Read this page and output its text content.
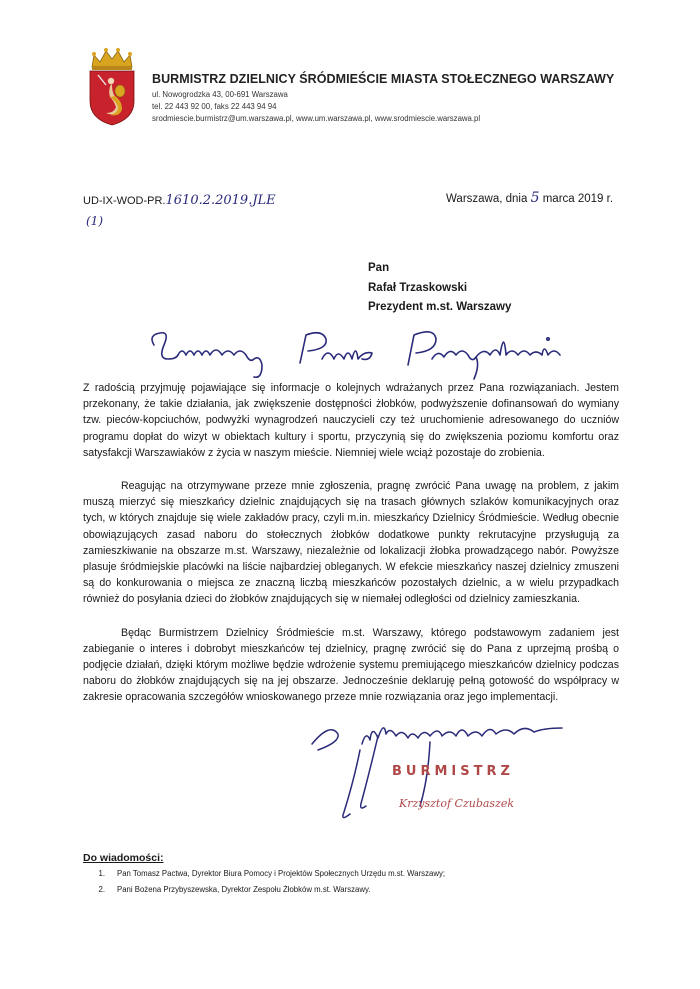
BURMISTRZ DZIELNICY ŚRÓDMIEŚCIE MIASTA STOŁECZNEGO WARSZAWY
ul. Nowogrodzka 43, 00-691 Warszawa
tel. 22 443 92 00, faks 22 443 94 94
srodmiescie.burmistrz@um.warszawa.pl, www.um.warszawa.pl, www.srodmiescie.warszawa.pl
UD-IX-WOD-PR.1610.2.2019.JLE
(1)
Warszawa, dnia 5 marca 2019 r.
Pan
Rafał Trzaskowski
Prezydent m.st. Warszawy

Z radością przyjmuję pojawiające się informacje o kolejnych wdrażanych przez Pana rozwiązaniach. Jestem przekonany, że takie działania, jak zwiększenie dostępności żłobków, podwyższenie dofinansowań do wymiany tzw. pieców-kopciuchów, podwyżki wynagrodzeń nauczycieli czy też uruchomienie adresowanego do uczniów programu dopłat do wizyt w obiektach kultury i sportu, przyczynią się do zwiększenia poziomu komfortu oraz satysfakcji Warszawiaków z życia w naszym mieście. Niemniej wiele wciąż pozostaje do zrobienia.

Reagując na otrzymywane przeze mnie zgłoszenia, pragnę zwrócić Pana uwagę na problem, z jakim muszą mierzyć się mieszkańcy dzielnic znajdujących się na trasach głównych szlaków komunikacyjnych oraz tych, w których znajduje się wiele zakładów pracy, czyli m.in. mieszkańcy Dzielnicy Śródmieście. Według obecnie obowiązujących zasad naboru do stołecznych żłobków dodatkowe punkty rekrutacyjne przysługują za zamieszkiwanie na obszarze m.st. Warszawy, niezależnie od lokalizacji żłobka prowadzącego nabór. Powyższe plasuje śródmiejskie placówki na liście najbardziej obleganych. W efekcie mieszkańcy naszej dzielnicy zmuszeni są do konkurowania o miejsca ze znaczną liczbą mieszkańców pozostałych dzielnic, a w wielu przypadkach również do posyłania dzieci do żłobków znajdujących się w niemałej odległości od dzielnicy zamieszkania.

Będąc Burmistrzem Dzielnicy Śródmieście m.st. Warszawy, którego podstawowym zadaniem jest zabieganie o interes i dobrobyt mieszkańców tej dzielnicy, pragnę zwrócić się do Pana z uprzejmą prośbą o podjęcie działań, dzięki którym możliwe będzie wdrożenie systemu premiującego mieszkańców dzielnicy podczas naboru do żłobków znajdujących się na jej obszarze. Jednocześnie deklaruję pełną gotowość do współpracy w zakresie opracowania szczegółów wnioskowanego przeze mnie rozwiązania oraz jego implementacji.

BURMISTRZ
Krzysztof Czubaszek
Do wiadomości:
1. Pan Tomasz Pactwa, Dyrektor Biura Pomocy i Projektów Społecznych Urzędu m.st. Warszawy;
2. Pani Bożena Przybyszewska, Dyrektor Zespołu Żłobków m.st. Warszawy.
